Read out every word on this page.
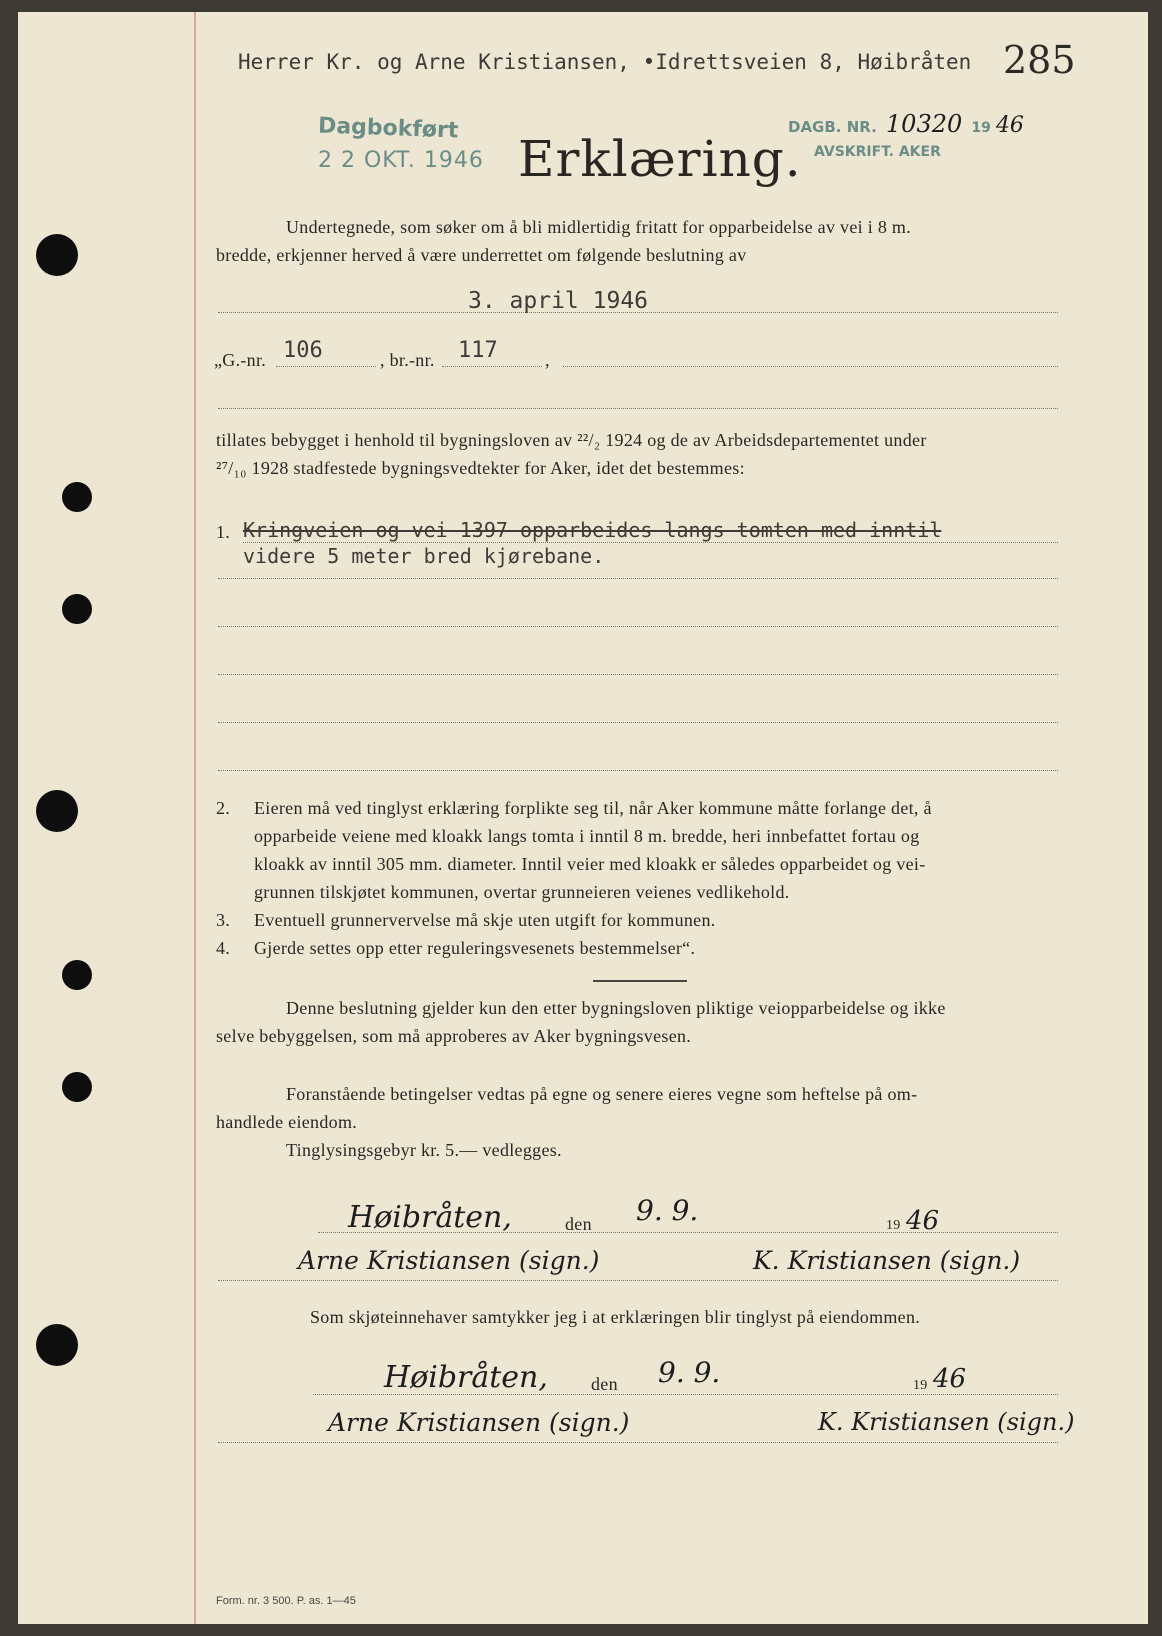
Herrer Kr. og Arne Kristiansen, •Idrettsveien 8, Høibråten 285
Dagbokført
2 2 OKT. 1946
DAGB. NR. 10320 19 46
AVSKRIFT. AKER
Erklæring.
Undertegnede, som søker om å bli midlertidig fritatt for opparbeidelse av vei i 8 m.
bredde, erkjenner herved å være underrettet om følgende beslutning av
3. april 1946
„G.-nr. 106	, br.-nr. 117	,
tillates bebygget i henhold til bygningsloven av ²²/₂ 1924 og de av Arbeidsdepartementet under
²⁷/₁₀ 1928 stadfestede bygningsvedtekter for Aker, idet det bestemmes:
1. Kringveien og vei 1397 opparbeides langs tomten med inntil
videre 5 meter bred kjørebane.
2. Eieren må ved tinglyst erklæring forplikte seg til, når Aker kommune måtte forlange det, å
opparbeide veiene med kloakk langs tomta i inntil 8 m. bredde, heri innbefattet fortau og
kloakk av inntil 305 mm. diameter. Inntil veier med kloakk er således opparbeidet og vei-
grunnen tilskjøtet kommunen, overtar grunneieren veienes vedlikehold.
3. Eventuell grunnervervelse må skje uten utgift for kommunen.
4. Gjerde settes opp etter reguleringsvesenets bestemmelser“.
Denne beslutning gjelder kun den etter bygningsloven pliktige veiopparbeidelse og ikke
selve bebyggelsen, som må approberes av Aker bygningsvesen.
Foranstående betingelser vedtas på egne og senere eieres vegne som heftelse på om-
handlede eiendom.
Tinglysingsgebyr kr. 5.— vedlegges.
Høibråten,	den 9. 9.	19 46
Arne Kristiansen (sign.)	K. Kristiansen (sign.)
Som skjøteinnehaver samtykker jeg i at erklæringen blir tinglyst på eiendommen.
Høibråten, den 9. 9.	19 46
Arne Kristiansen (sign.)	K. Kristiansen (sign.)
Form. nr. 3 500. P. as. 1—45
